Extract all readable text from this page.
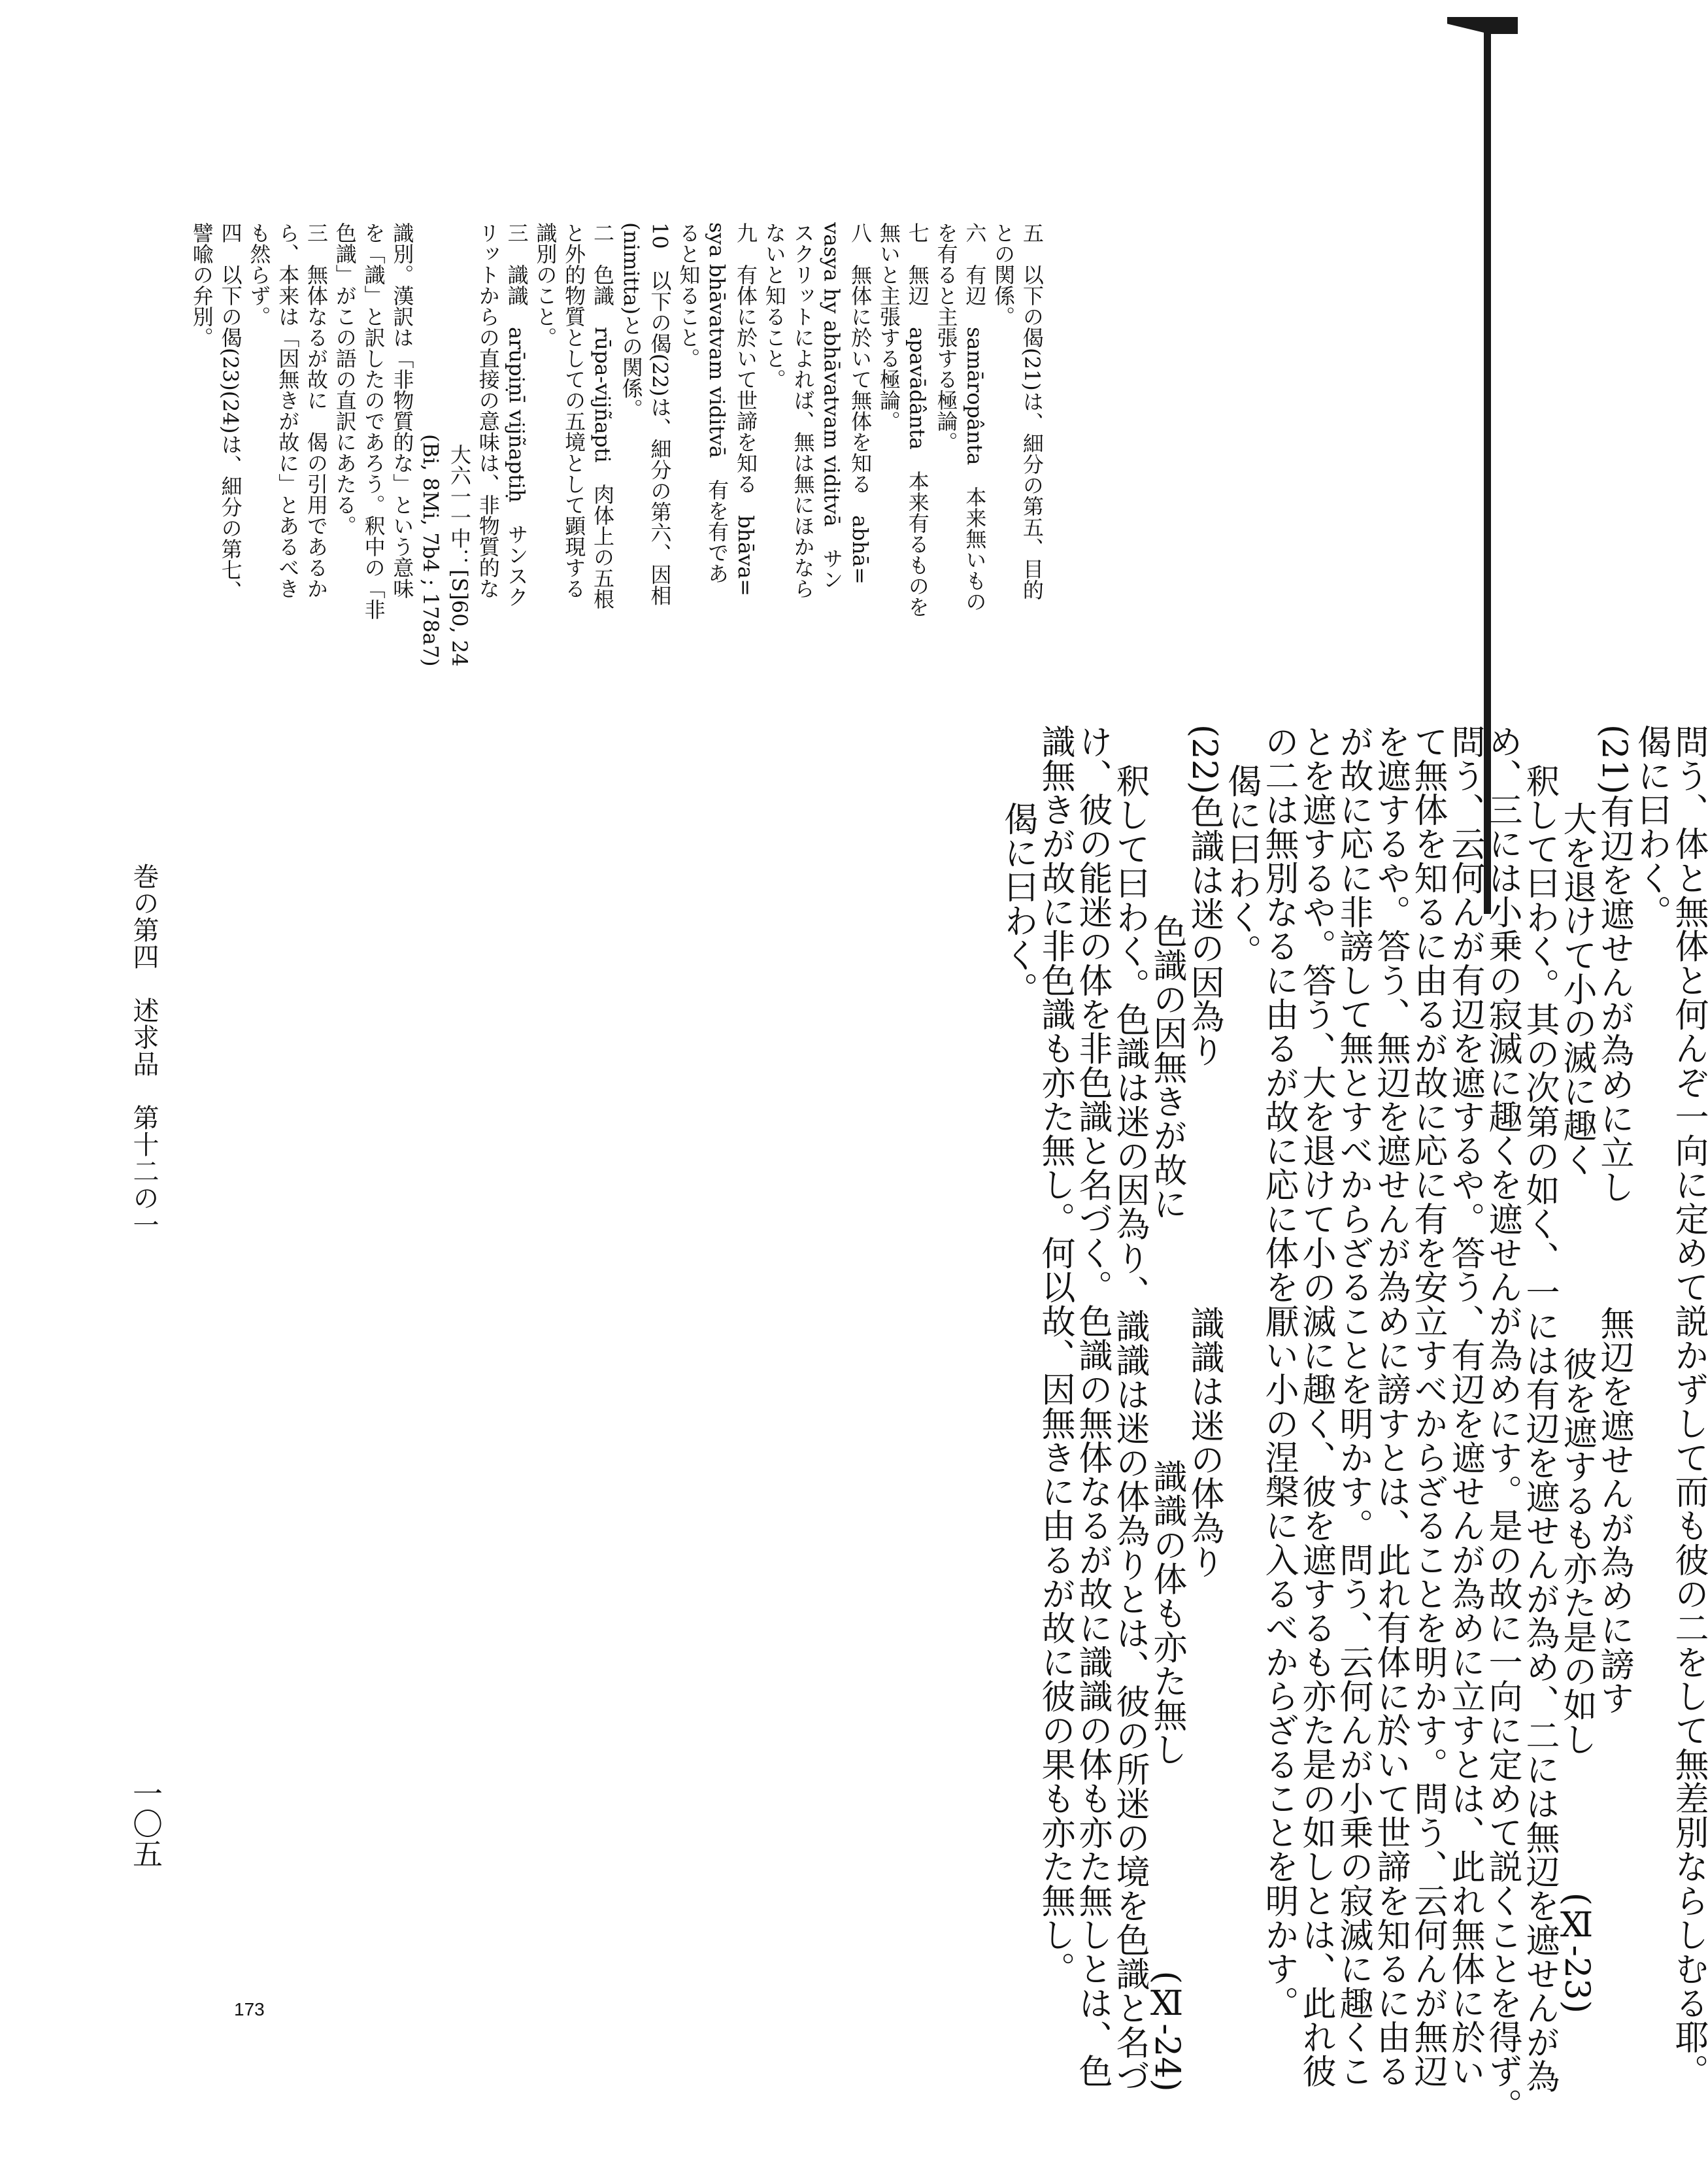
問う、体と無体と何んぞ一向に定めて説かずして而も彼の二をして無差別ならしむる耶。
偈に曰わく。
(21)有辺を遮せんが為めに立し　　　無辺を遮せんが為めに謗す
大を退けて小の滅に趣く　　　　　彼を遮するも亦た是の如し　　　　(Ⅺ-23)
釈して曰わく。其の次第の如く、一には有辺を遮せんが為め、二には無辺を遮せんが為
め、三には小乗の寂滅に趣くを遮せんが為めにす。是の故に一向に定めて説くことを得ず。
問う、云何んが有辺を遮するや。答う、有辺を遮せんが為めに立すとは、此れ無体に於い
て無体を知るに由るが故に応に有を安立すべからざることを明かす。問う、云何んが無辺
を遮するや。答う、無辺を遮せんが為めに謗すとは、此れ有体に於いて世諦を知るに由る
が故に応に非謗して無とすべからざることを明かす。問う、云何んが小乗の寂滅に趣くこ
とを遮するや。答う、大を退けて小の滅に趣く、彼を遮するも亦た是の如しとは、此れ彼
の二は無別なるに由るが故に応に体を厭い小の涅槃に入るべからざることを明かす。
偈に曰わく。
(22)色識は迷の因為り　　　　　　　識識は迷の体為り
色識の因無きが故に　　　　　　　識識の体も亦た無し　　　　　　(Ⅺ-24)
釈して曰わく。色識は迷の因為り、識識は迷の体為りとは、彼の所迷の境を色識と名づ
け、彼の能迷の体を非色識と名づく。色識の無体なるが故に識識の体も亦た無しとは、色
識無きが故に非色識も亦た無し。何以故、因無きに由るが故に彼の果も亦た無し。
偈に曰わく。
五　以下の偈(21)は、細分の第五、目的
との関係。
六　有辺　samāropânta　本来無いもの
を有ると主張する極論。
七　無辺　apavādânta　本来有るものを
無いと主張する極論。
八　無体に於いて無体を知る　abhā=
vasya hy abhāvatvam viditvā　サン
スクリットによれば、無は無にほかなら
ないと知ること。
九　有体に於いて世諦を知る　bhāva=
sya bhāvatvam viditvā　有を有であ
ると知ること。
10　以下の偈(22)は、細分の第六、因相
(nimitta)との関係。
二　色識　rūpa-vijñapti　肉体上の五根
と外的物質としての五境として顕現する
識別のこと。
三　識識　arūpiṇī vijñaptiḥ　サンスク
リットからの直接の意味は、非物質的な
大六一一中：[S]60, 24
(Bi, 8Mi, 7b4 ; 178a7)
識別。漢訳は「非物質的な」という意味
を「識」と訳したのであろう。釈中の「非
色識」がこの語の直訳にあたる。
三　無体なるが故に　偈の引用であるか
ら、本来は「因無きが故に」とあるべき
も然らず。
四　以下の偈(23)(24)は、細分の第七、
譬喩の弁別。
巻の第四　述求品　第十二の一
一〇五
173
